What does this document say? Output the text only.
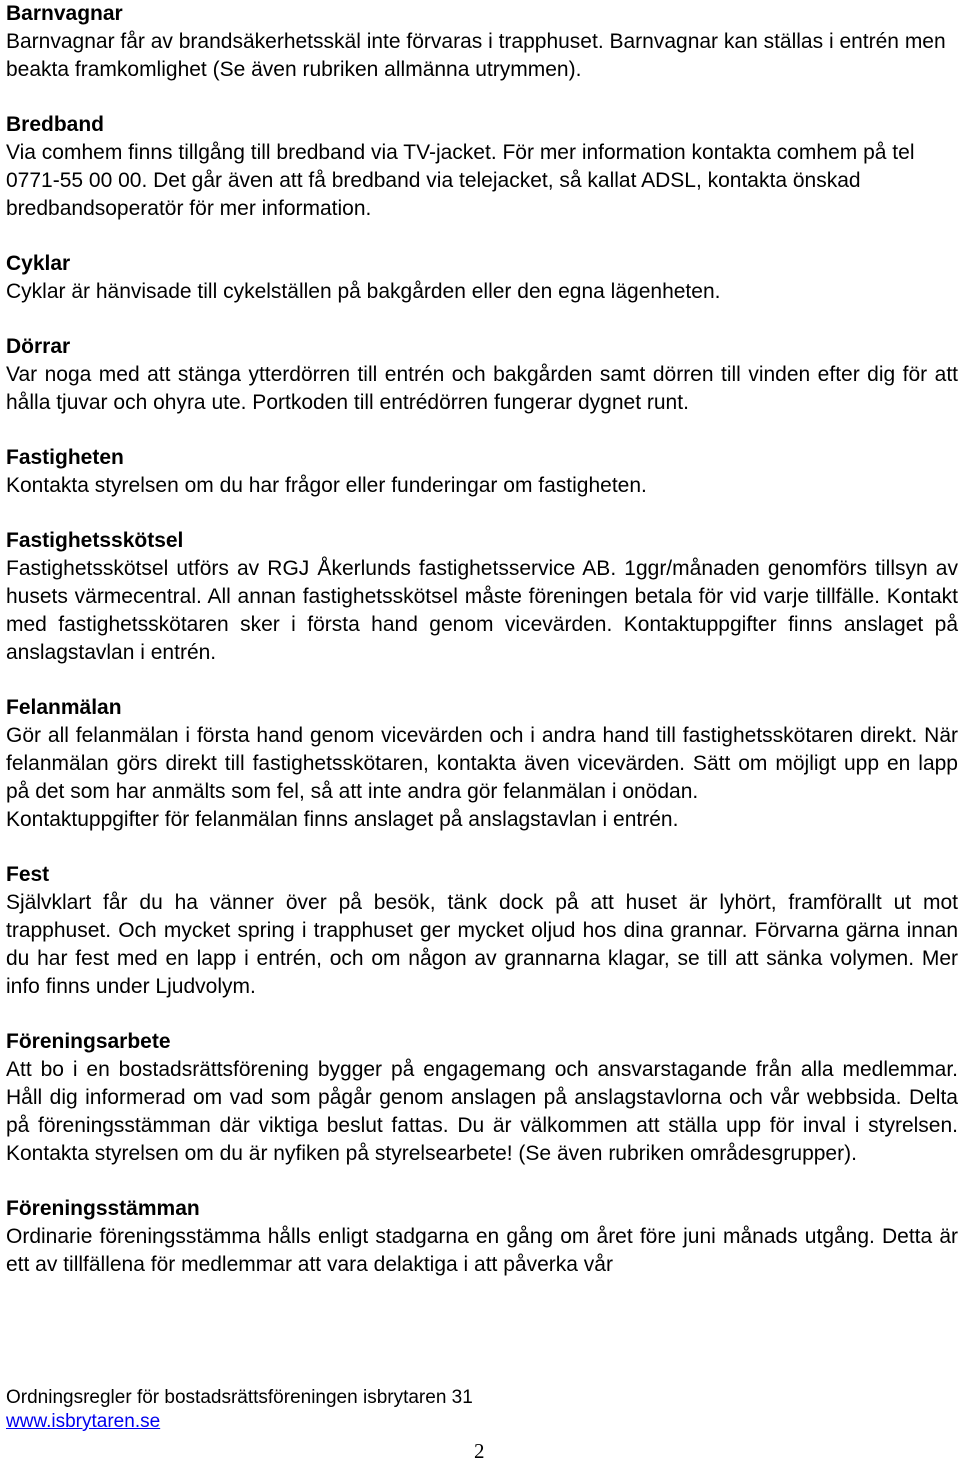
Barnvagnar

Barnvagnar får av brandsäkerhetsskäl inte förvaras i trapphuset. Barnvagnar kan ställas i entrén men beakta framkomlighet (Se även rubriken allmänna utrymmen).

Bredband

Via comhem finns tillgång till bredband via TV-jacket. För mer information kontakta comhem på tel 0771-55 00 00. Det går även att få bredband via telejacket, så kallat ADSL, kontakta önskad bredbandsoperatör för mer information.

Cyklar

Cyklar är hänvisade till cykelställen på bakgården eller den egna lägenheten.

Dörrar

Var noga med att stänga ytterdörren till entrén och bakgården samt dörren till vinden efter dig för att hålla tjuvar och ohyra ute. Portkoden till entrédörren fungerar dygnet runt.

Fastigheten

Kontakta styrelsen om du har frågor eller funderingar om fastigheten.

Fastighetsskötsel

Fastighetsskötsel utförs av RGJ Åkerlunds fastighetsservice AB. 1ggr/månaden genomförs tillsyn av husets värmecentral. All annan fastighetsskötsel måste föreningen betala för vid varje tillfälle. Kontakt med fastighetsskötaren sker i första hand genom vicevärden. Kontaktuppgifter finns anslaget på anslagstavlan i entrén.

Felanmälan

Gör all felanmälan i första hand genom vicevärden och i andra hand till fastighetsskötaren direkt. När felanmälan görs direkt till fastighetsskötaren, kontakta även vicevärden. Sätt om möjligt upp en lapp på det som har anmälts som fel, så att inte andra gör felanmälan i onödan.

Kontaktuppgifter för felanmälan finns anslaget på anslagstavlan i entrén.

Fest

Självklart får du ha vänner över på besök, tänk dock på att huset är lyhört, framförallt ut mot trapphuset. Och mycket spring i trapphuset ger mycket oljud hos dina grannar. Förvarna gärna innan du har fest med en lapp i entrén, och om någon av grannarna klagar, se till att sänka volymen. Mer info finns under Ljudvolym.

Föreningsarbete

Att bo i en bostadsrättsförening bygger på engagemang och ansvarstagande från alla medlemmar. Håll dig informerad om vad som pågår genom anslagen på anslagstavlorna och vår webbsida. Delta på föreningsstämman där viktiga beslut fattas. Du är välkommen att ställa upp för inval i styrelsen. Kontakta styrelsen om du är nyfiken på styrelsearbete! (Se även rubriken områdesgrupper).

Föreningsstämman

Ordinarie föreningsstämma hålls enligt stadgarna en gång om året före juni månads utgång. Detta är ett av tillfällena för medlemmar att vara delaktiga i att påverka vår

Ordningsregler för bostadsrättsföreningen isbrytaren 31
www.isbrytaren.se
2
